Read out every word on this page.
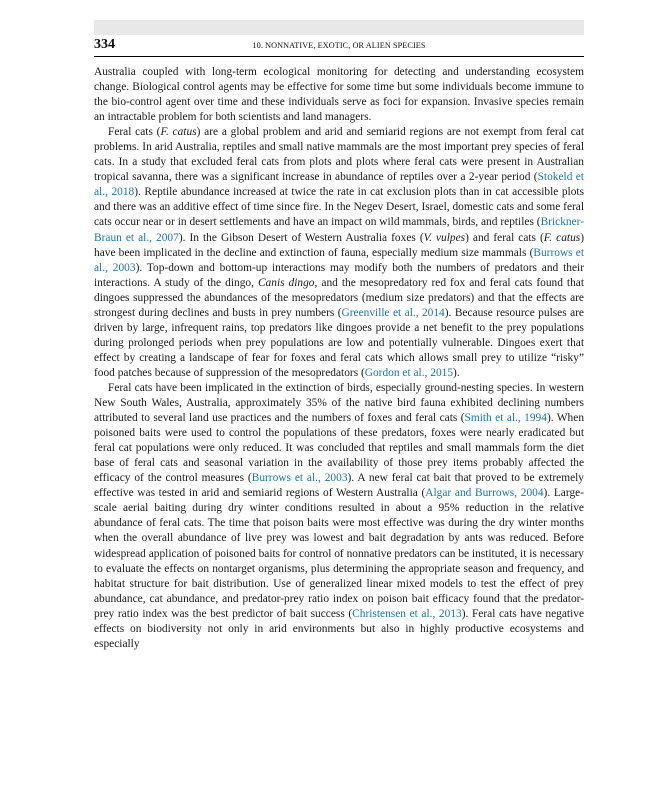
334	10. NONNATIVE, EXOTIC, OR ALIEN SPECIES

Australia coupled with long-term ecological monitoring for detecting and understanding ecosystem change. Biological control agents may be effective for some time but some individuals become immune to the bio-control agent over time and these individuals serve as foci for expansion. Invasive species remain an intractable problem for both scientists and land managers.

Feral cats (F. catus) are a global problem and arid and semiarid regions are not exempt from feral cat problems. In arid Australia, reptiles and small native mammals are the most important prey species of feral cats. In a study that excluded feral cats from plots and plots where feral cats were present in Australian tropical savanna, there was a significant increase in abundance of reptiles over a 2-year period (Stokeld et al., 2018). Reptile abundance increased at twice the rate in cat exclusion plots than in cat accessible plots and there was an additive effect of time since fire. In the Negev Desert, Israel, domestic cats and some feral cats occur near or in desert settlements and have an impact on wild mammals, birds, and reptiles (Brickner-Braun et al., 2007). In the Gibson Desert of Western Australia foxes (V. vulpes) and feral cats (F. catus) have been implicated in the decline and extinction of fauna, especially medium size mammals (Burrows et al., 2003). Top-down and bottom-up interactions may modify both the numbers of predators and their interactions. A study of the dingo, Canis dingo, and the mesopredatory red fox and feral cats found that dingoes suppressed the abundances of the mesopredators (medium size predators) and that the effects are strongest during declines and busts in prey numbers (Greenville et al., 2014). Because resource pulses are driven by large, infrequent rains, top predators like dingoes provide a net benefit to the prey populations during prolonged periods when prey populations are low and potentially vulnerable. Dingoes exert that effect by creating a landscape of fear for foxes and feral cats which allows small prey to utilize “risky” food patches because of suppression of the mesopredators (Gordon et al., 2015).

Feral cats have been implicated in the extinction of birds, especially ground-nesting species. In western New South Wales, Australia, approximately 35% of the native bird fauna exhibited declining numbers attributed to several land use practices and the numbers of foxes and feral cats (Smith et al., 1994). When poisoned baits were used to control the populations of these predators, foxes were nearly eradicated but feral cat populations were only reduced. It was concluded that reptiles and small mammals form the diet base of feral cats and seasonal variation in the availability of those prey items probably affected the efficacy of the control measures (Burrows et al., 2003). A new feral cat bait that proved to be extremely effective was tested in arid and semiarid regions of Western Australia (Algar and Burrows, 2004). Large-scale aerial baiting during dry winter conditions resulted in about a 95% reduction in the relative abundance of feral cats. The time that poison baits were most effective was during the dry winter months when the overall abundance of live prey was lowest and bait degradation by ants was reduced. Before widespread application of poisoned baits for control of nonnative predators can be instituted, it is necessary to evaluate the effects on nontarget organisms, plus determining the appropriate season and frequency, and habitat structure for bait distribution. Use of generalized linear mixed models to test the effect of prey abundance, cat abundance, and predator-prey ratio index on poison bait efficacy found that the predator-prey ratio index was the best predictor of bait success (Christensen et al., 2013). Feral cats have negative effects on biodiversity not only in arid environments but also in highly productive ecosystems and especially
